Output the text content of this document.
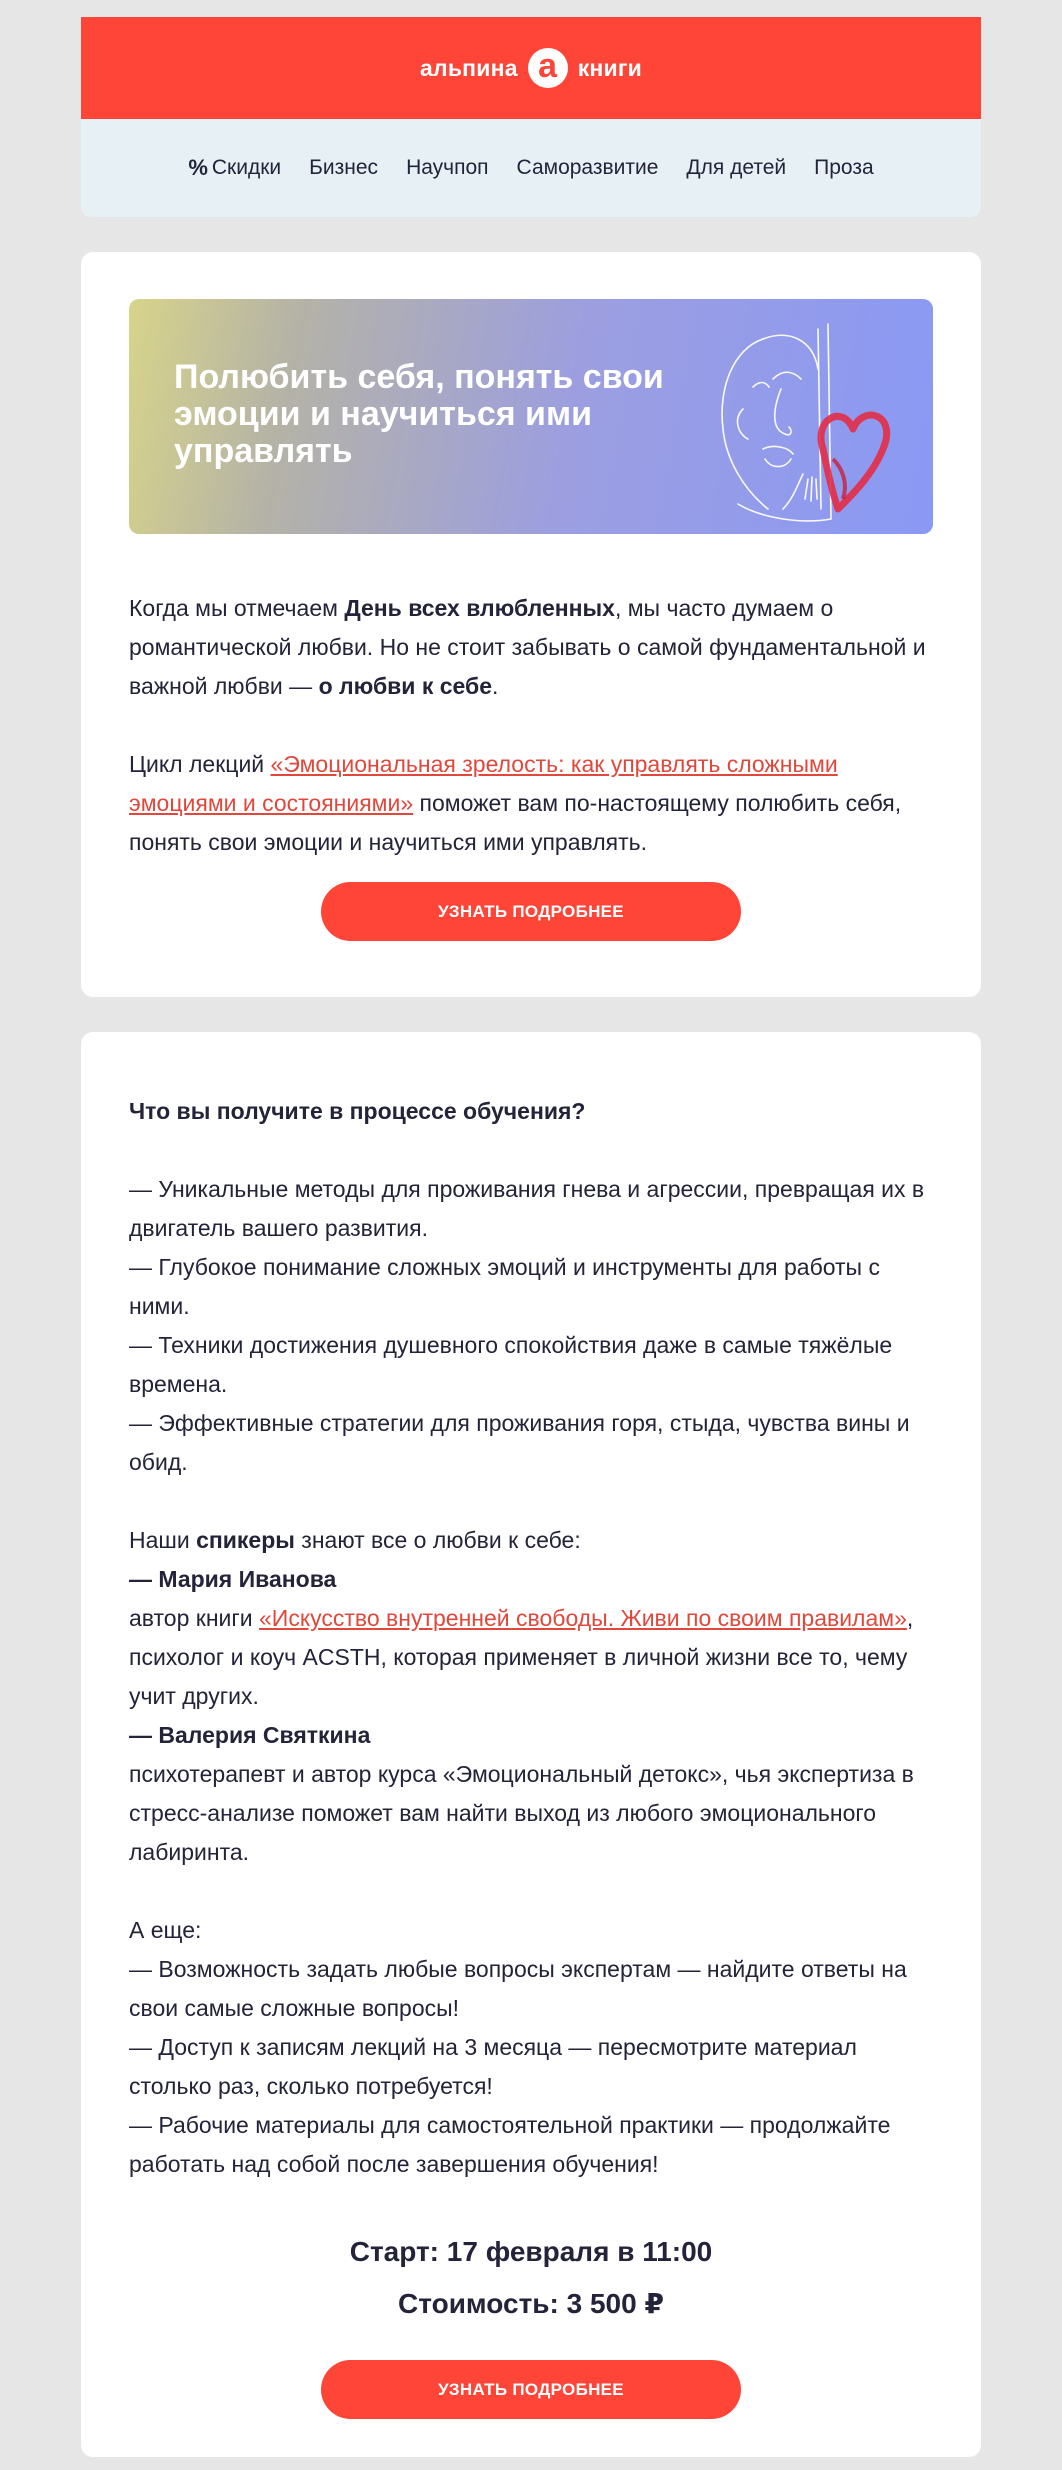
альпина a книги
% Скидки Бизнес Научпоп Саморазвитие Для детей Проза
Полюбить себя, понять свои эмоции и научиться ими управлять

Когда мы отмечаем День всех влюбленных, мы часто думаем о романтической любви. Но не стоит забывать о самой фундаментальной и важной любви — о любви к себе.

Цикл лекций «Эмоциональная зрелость: как управлять сложными эмоциями и состояниями» поможет вам по-настоящему полюбить себя, понять свои эмоции и научиться ими управлять.

УЗНАТЬ ПОДРОБНЕЕ

Что вы получите в процессе обучения?

— Уникальные методы для проживания гнева и агрессии, превращая их в двигатель вашего развития.

— Глубокое понимание сложных эмоций и инструменты для работы с ними.

— Техники достижения душевного спокойствия даже в самые тяжёлые времена.

— Эффективные стратегии для проживания горя, стыда, чувства вины и обид.

Наши спикеры знают все о любви к себе:

— Мария Иванова

автор книги «Искусство внутренней свободы. Живи по своим правилам», психолог и коуч ACSTH, которая применяет в личной жизни все то, чему учит других.

— Валерия Святкина

психотерапевт и автор курса «Эмоциональный детокс», чья экспертиза в стресс-анализе поможет вам найти выход из любого эмоционального лабиринта.

А еще:

— Возможность задать любые вопросы экспертам — найдите ответы на свои самые сложные вопросы!

— Доступ к записям лекций на 3 месяца — пересмотрите материал столько раз, сколько потребуется!

— Рабочие материалы для самостоятельной практики — продолжайте работать над собой после завершения обучения!

Старт: 17 февраля в 11:00

Стоимость: 3 500 ₽

УЗНАТЬ ПОДРОБНЕЕ
